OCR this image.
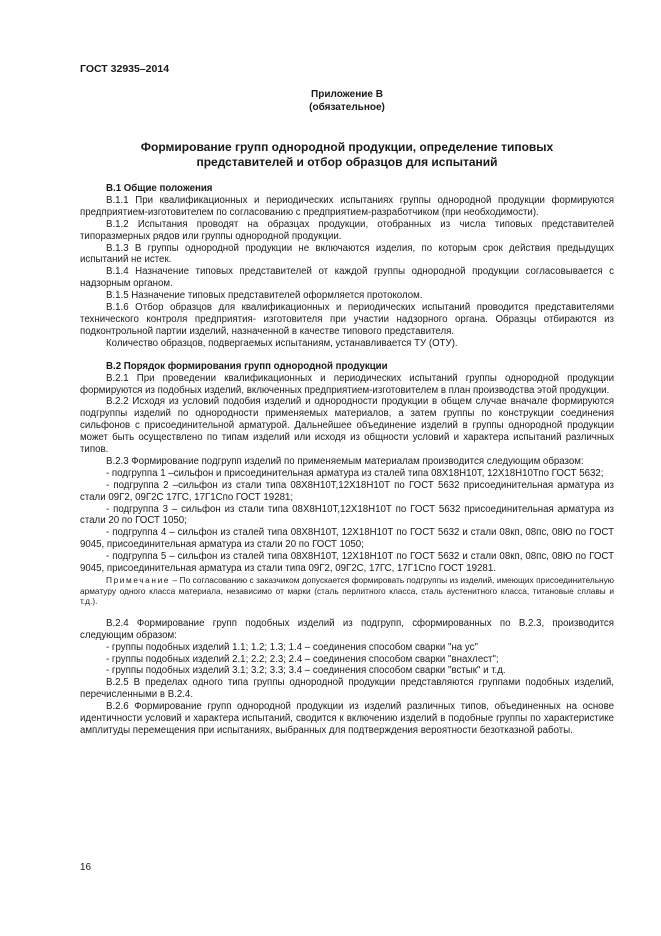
ГОСТ 32935–2014
Приложение В
(обязательное)
Формирование групп однородной продукции, определение типовых
представителей и отбор образцов для испытаний

В.1 Общие положения

В.1.1 При квалификационных и периодических испытаниях группы однородной продукции формируются предприятием-изготовителем по согласованию с предприятием-разработчиком (при необходимости).

В.1.2 Испытания проводят на образцах продукции, отобранных из числа типовых представителей типоразмерных рядов или группы однородной продукции.

В.1.3 В группы однородной продукции не включаются изделия, по которым срок действия предыдущих испытаний не истек.

В.1.4 Назначение типовых представителей от каждой группы однородной продукции согласовывается с надзорным органом.

В.1.5 Назначение типовых представителей оформляется протоколом.

В.1.6 Отбор образцов для квалификационных и периодических испытаний проводится представителями технического контроля предприятия- изготовителя при участии надзорного органа. Образцы отбираются из подконтрольной партии изделий, назначенной в качестве типового представителя.

Количество образцов, подвергаемых испытаниям, устанавливается ТУ (ОТУ).

В.2 Порядок формирования групп однородной продукции

В.2.1 При проведении квалификационных и периодических испытаний группы однородной продукции формируются из подобных изделий, включенных предприятием-изготовителем в план производства этой продукции.

В.2.2 Исходя из условий подобия изделий и однородности продукции в общем случае вначале формируются подгруппы изделий по однородности применяемых материалов, а затем группы по конструкции соединения сильфонов с присоединительной арматурой. Дальнейшее объединение изделий в группы однородной продукции может быть осуществлено по типам изделий или исходя из общности условий и характера испытаний различных типов.

В.2.3 Формирование подгрупп изделий по применяемым материалам производится следующим образом:

- подгруппа 1 –сильфон и присоединительная арматура из сталей типа 08Х18Н10Т, 12Х18Н10Тпо ГОСТ 5632;

- подгруппа 2 –сильфон из стали типа 08Х8Н10Т,12Х18Н10Т по ГОСТ 5632 присоединительная арматура из стали 09Г2, 09Г2С 17ГС, 17Г1Спо ГОСТ 19281;

- подгруппа 3 – сильфон из стали типа 08Х8Н10Т,12Х18Н10Т по ГОСТ 5632 присоединительная арматура из стали 20 по ГОСТ 1050;

- подгруппа 4 – сильфон из сталей типа 08Х8Н10Т, 12Х18Н10Т по ГОСТ 5632 и стали 08кп, 08пс, 08Ю по ГОСТ 9045, присоединительная арматура из стали 20 по ГОСТ 1050;

- подгруппа 5 – сильфон из сталей типа 08Х8Н10Т, 12Х18Н10Т по ГОСТ 5632 и стали 08кп, 08пс, 08Ю по ГОСТ 9045, присоединительная арматура из стали типа 09Г2, 09Г2С, 17ГС, 17Г1Спо ГОСТ 19281.

Примечание – По согласованию с заказчиком допускается формировать подгруппы из изделий, имеющих присоединительную арматуру одного класса материала, независимо от марки (сталь перлитного класса, сталь аустенитного класса, титановые сплавы и т.д.).

В.2.4 Формирование групп подобных изделий из подгрупп, сформированных по В.2.3, производится следующим образом:

- группы подобных изделий 1.1; 1.2; 1.3; 1.4 – соединения способом сварки "на ус"

- группы подобных изделий 2.1; 2.2; 2.3; 2.4 – соединения способом сварки "внахлест";

- группы подобных изделий 3.1; 3.2; 3.3; 3.4 – соединения способом сварки "встык" и т.д.

В.2.5 В пределах одного типа группы однородной продукции представляются группами подобных изделий, перечисленными в В.2.4.

В.2.6 Формирование групп однородной продукции из изделий различных типов, объединенных на основе идентичности условий и характера испытаний, сводится к включению изделий в подобные группы по характеристике амплитуды перемещения при испытаниях, выбранных для подтверждения вероятности безотказной работы.

16
